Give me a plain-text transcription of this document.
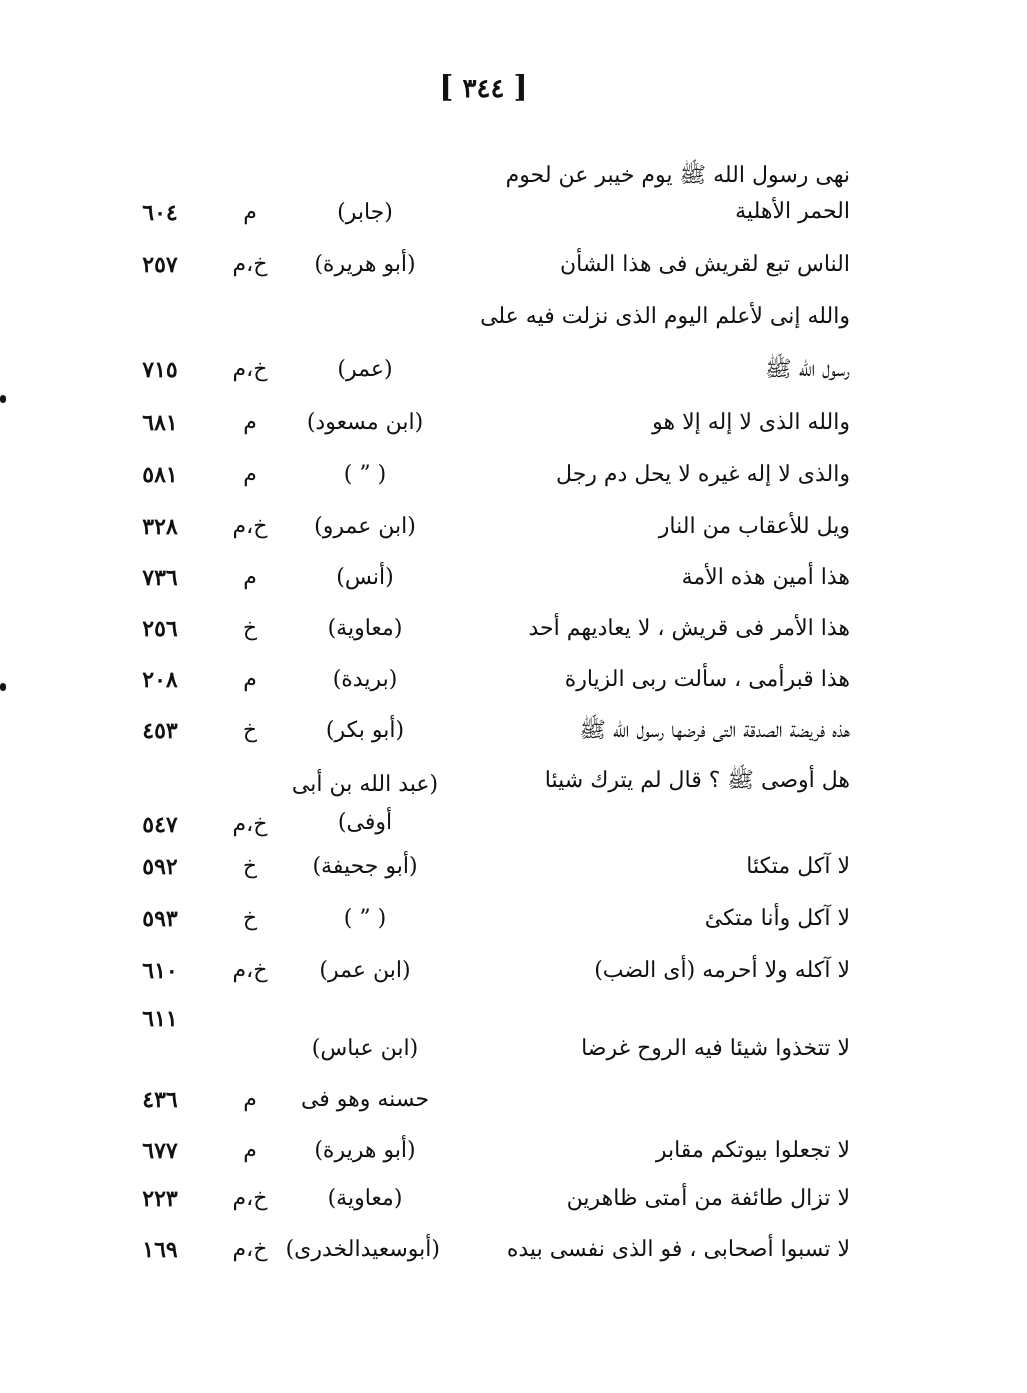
[ ٣٤٤ ]
نهى رسول الله ﷺ يوم خيبر عن لحوم الحمر الأهلية
(جابر)
م
٦٠٤
الناس تبع لقريش فى هذا الشأن
(أبو هريرة)
خ،م
٢٥٧
والله إنى لأعلم اليوم الذى نزلت فيه على
رسول الله ﷺ
(عمر)
خ،م
٧١٥
والله الذى لا إله إلا هو
(ابن مسعود)
م
٦٨١
والذى لا إله غيره لا يحل دم رجل
( ” )
م
٥٨١
ويل للأعقاب من النار
(ابن عمرو)
خ،م
٣٢٨
هذا أمين هذه الأمة
(أنس)
م
٧٣٦
هذا الأمر فى قريش ، لا يعاديهم أحد
(معاوية)
خ
٢٥٦
هذا قبرأمى ، سألت ربى الزيارة
(بريدة)
م
٢٠٨
هذه فريضة الصدقة التى فرضها رسول الله ﷺ
(أبو بكر)
خ
٤٥٣
هل أوصى ﷺ ؟ قال لم يترك شيئا
(عبد الله بن أبى أوفى)
خ،م
٥٤٧
لا آكل متكئا
(أبو جحيفة)
خ
٥٩٢
لا آكل وأنا متكئ
( ” )
خ
٥٩٣
لا آكله ولا أحرمه (أى الضب)
(ابن عمر)
خ،م
٦١٠
٦١١
لا تتخذوا شيئا فيه الروح غرضا
(ابن عباس)
حسنه وهو فى
م
٤٣٦
لا تجعلوا بيوتكم مقابر
(أبو هريرة)
م
٦٧٧
لا تزال طائفة من أمتى ظاهرين
(معاوية)
خ،م
٢٢٣
لا تسبوا أصحابى ، فو الذى نفسى بيده
(أبوسعيدالخدرى)
خ،م
١٦٩
